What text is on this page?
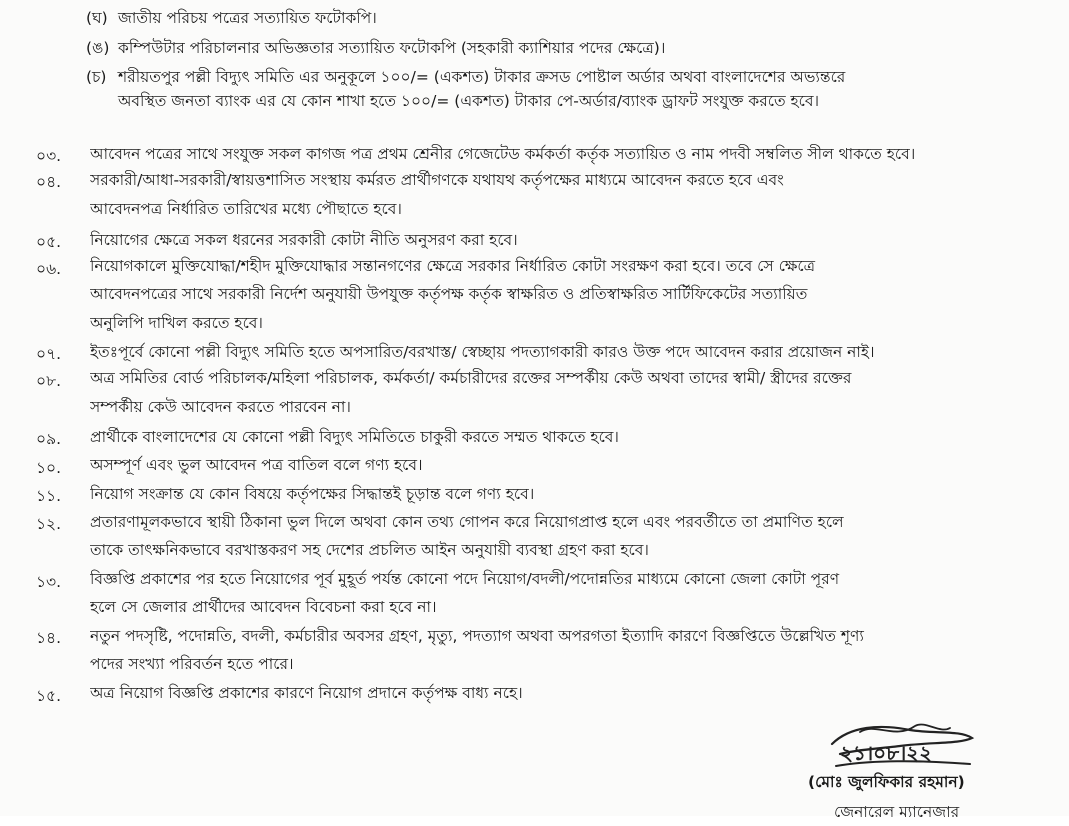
(ঘ) জাতীয় পরিচয় পত্রের সত্যায়িত ফটোকপি।
(ঙ) কম্পিউটার পরিচালনার অভিজ্ঞতার সত্যায়িত ফটোকপি (সহকারী ক্যাশিয়ার পদের ক্ষেত্রে)।
(চ) শরীয়তপুর পল্লী বিদ্যুৎ সমিতি এর অনুকূলে ১০০/= (একশত) টাকার ক্রসড পোষ্টাল অর্ডার অথবা বাংলাদেশের অভ্যন্তরে
অবস্থিত জনতা ব্যাংক এর যে কোন শাখা হতে ১০০/= (একশত) টাকার পে-অর্ডার/ব্যাংক ড্রাফট সংযুক্ত করতে হবে।
০৩.	আবেদন পত্রের সাথে সংযুক্ত সকল কাগজ পত্র প্রথম শ্রেনীর গেজেটেড কর্মকর্তা কর্তৃক সত্যায়িত ও নাম পদবী সম্বলিত সীল থাকতে হবে।
০৪.	সরকারী/আধা-সরকারী/স্বায়ত্তশাসিত সংস্থায় কর্মরত প্রার্থীগণকে যথাযথ কর্তৃপক্ষের মাধ্যমে আবেদন করতে হবে এবং
আবেদনপত্র নির্ধারিত তারিখের মধ্যে পৌছাতে হবে।
০৫.	নিয়োগের ক্ষেত্রে সকল ধরনের সরকারী কোটা নীতি অনুসরণ করা হবে।
০৬.	নিয়োগকালে মুক্তিযোদ্ধা/শহীদ মুক্তিযোদ্ধার সন্তানগণের ক্ষেত্রে সরকার নির্ধারিত কোটা সংরক্ষণ করা হবে। তবে সে ক্ষেত্রে
আবেদনপত্রের সাথে সরকারী নির্দেশ অনুযায়ী উপযুক্ত কর্তৃপক্ষ কর্তৃক স্বাক্ষরিত ও প্রতিস্বাক্ষরিত সার্টিফিকেটের সত্যায়িত
অনুলিপি দাখিল করতে হবে।
০৭.	ইতঃপূর্বে কোনো পল্লী বিদ্যুৎ সমিতি হতে অপসারিত/বরখাস্ত/ স্বেচ্ছায় পদত্যাগকারী কারও উক্ত পদে আবেদন করার প্রয়োজন নাই।
০৮.	অত্র সমিতির বোর্ড পরিচালক/মহিলা পরিচালক, কর্মকর্তা/ কর্মচারীদের রক্তের সম্পর্কীয় কেউ অথবা তাদের স্বামী/ স্ত্রীদের রক্তের
সম্পর্কীয় কেউ আবেদন করতে পারবেন না।
০৯.	প্রার্থীকে বাংলাদেশের যে কোনো পল্লী বিদ্যুৎ সমিতিতে চাকুরী করতে সম্মত থাকতে হবে।
১০.	অসম্পূর্ণ এবং ভুল আবেদন পত্র বাতিল বলে গণ্য হবে।
১১.	নিয়োগ সংক্রান্ত যে কোন বিষয়ে কর্তৃপক্ষের সিদ্ধান্তই চূড়ান্ত বলে গণ্য হবে।
১২.	প্রতারণামূলকভাবে স্থায়ী ঠিকানা ভুল দিলে অথবা কোন তথ্য গোপন করে নিয়োগপ্রাপ্ত হলে এবং পরবর্তীতে তা প্রমাণিত হলে
তাকে তাৎক্ষনিকভাবে বরখাস্তকরণ সহ দেশের প্রচলিত আইন অনুযায়ী ব্যবস্থা গ্রহণ করা হবে।
১৩.	বিজ্ঞপ্তি প্রকাশের পর হতে নিয়োগের পূর্ব মুহূর্ত পর্যন্ত কোনো পদে নিয়োগ/বদলী/পদোন্নতির মাধ্যমে কোনো জেলা কোটা পূরণ
হলে সে জেলার প্রার্থীদের আবেদন বিবেচনা করা হবে না।
১৪.	নতুন পদসৃষ্টি, পদোন্নতি, বদলী, কর্মচারীর অবসর গ্রহণ, মৃত্যু, পদত্যাগ অথবা অপরগতা ইত্যাদি কারণে বিজ্ঞপ্তিতে উল্লেখিত শূণ্য
পদের সংখ্যা পরিবর্তন হতে পারে।
১৫.	অত্র নিয়োগ বিজ্ঞপ্তি প্রকাশের কারণে নিয়োগ প্রদানে কর্তৃপক্ষ বাধ্য নহে।
২১।০৮।২২
(মোঃ জুলফিকার রহমান)
জেনারেল ম্যানেজার
